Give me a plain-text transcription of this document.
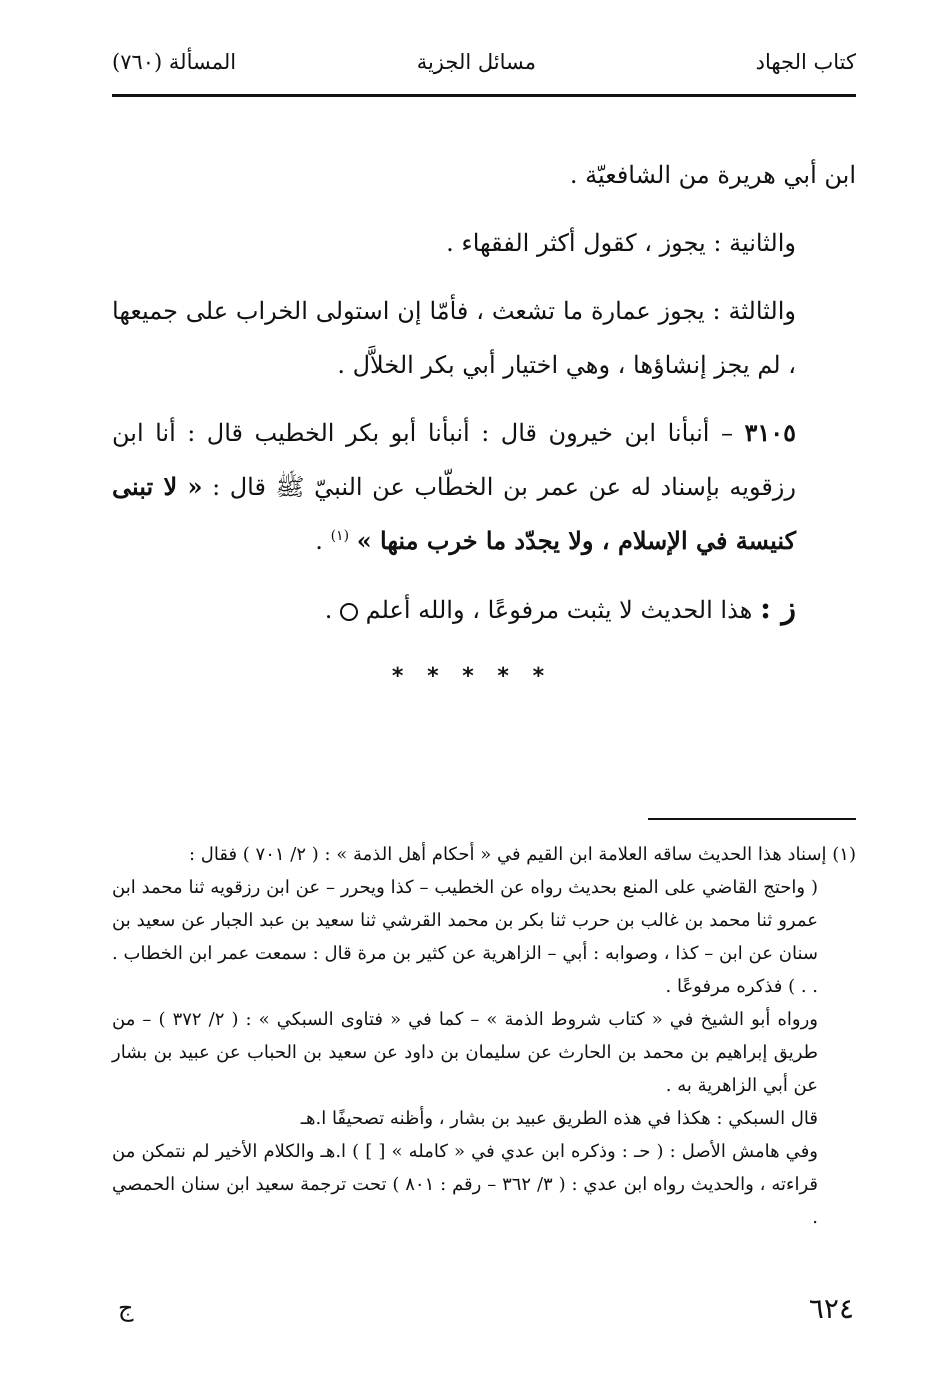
كتاب الجهاد
مسائل الجزية
المسألة (٧٦٠)

ابن أبي هريرة من الشافعيّة .

والثانية : يجوز ، كقول أكثر الفقهاء .

والثالثة : يجوز عمارة ما تشعث ، فأمّا إن استولى الخراب على جميعها ، لم يجز إنشاؤها ، وهي اختيار أبي بكر الخلاَّل .

٣١٠٥ – أنبأنا ابن خيرون قال : أنبأنا أبو بكر الخطيب قال : أنا ابن رزقويه بإسناد له عن عمر بن الخطّاب عن النبيّ ﷺ قال : « لا تبنى كنيسة في الإسلام ، ولا يجدّد ما خرب منها » $^{(١)}$ .

ز : هذا الحديث لا يثبت مرفوعًا ، والله أعلم  .

* * * * *

(١) إسناد هذا الحديث ساقه العلامة ابن القيم في « أحكام أهل الذمة » : ( ٢/ ٧٠١ ) فقال :

( واحتج القاضي على المنع بحديث رواه عن الخطيب – كذا ويحرر – عن ابن رزقويه ثنا محمد ابن عمرو ثنا محمد بن غالب بن حرب ثنا بكر بن محمد القرشي ثنا سعيد بن عبد الجبار عن سعيد بن سنان عن ابن – كذا ، وصوابه : أبي – الزاهرية عن كثير بن مرة قال : سمعت عمر ابن الخطاب . . . ) فذكره مرفوعًا .

ورواه أبو الشيخ في « كتاب شروط الذمة » – كما في « فتاوى السبكي » : ( ٢/ ٣٧٢ ) – من طريق إبراهيم بن محمد بن الحارث عن سليمان بن داود عن سعيد بن الحباب عن عبيد بن بشار عن أبي الزاهرية به .

قال السبكي : هكذا في هذه الطريق عبيد بن بشار ، وأظنه تصحيفًا ا.هـ

وفي هامش الأصل : ( حـ : وذكره ابن عدي في « كامله » [ ] ) ا.هـ والكلام الأخير لم نتمكن من قراءته ، والحديث رواه ابن عدي : ( ٣/ ٣٦٢ – رقم : ٨٠١ ) تحت ترجمة سعيد ابن سنان الحمصي .

٦٢٤
ج
